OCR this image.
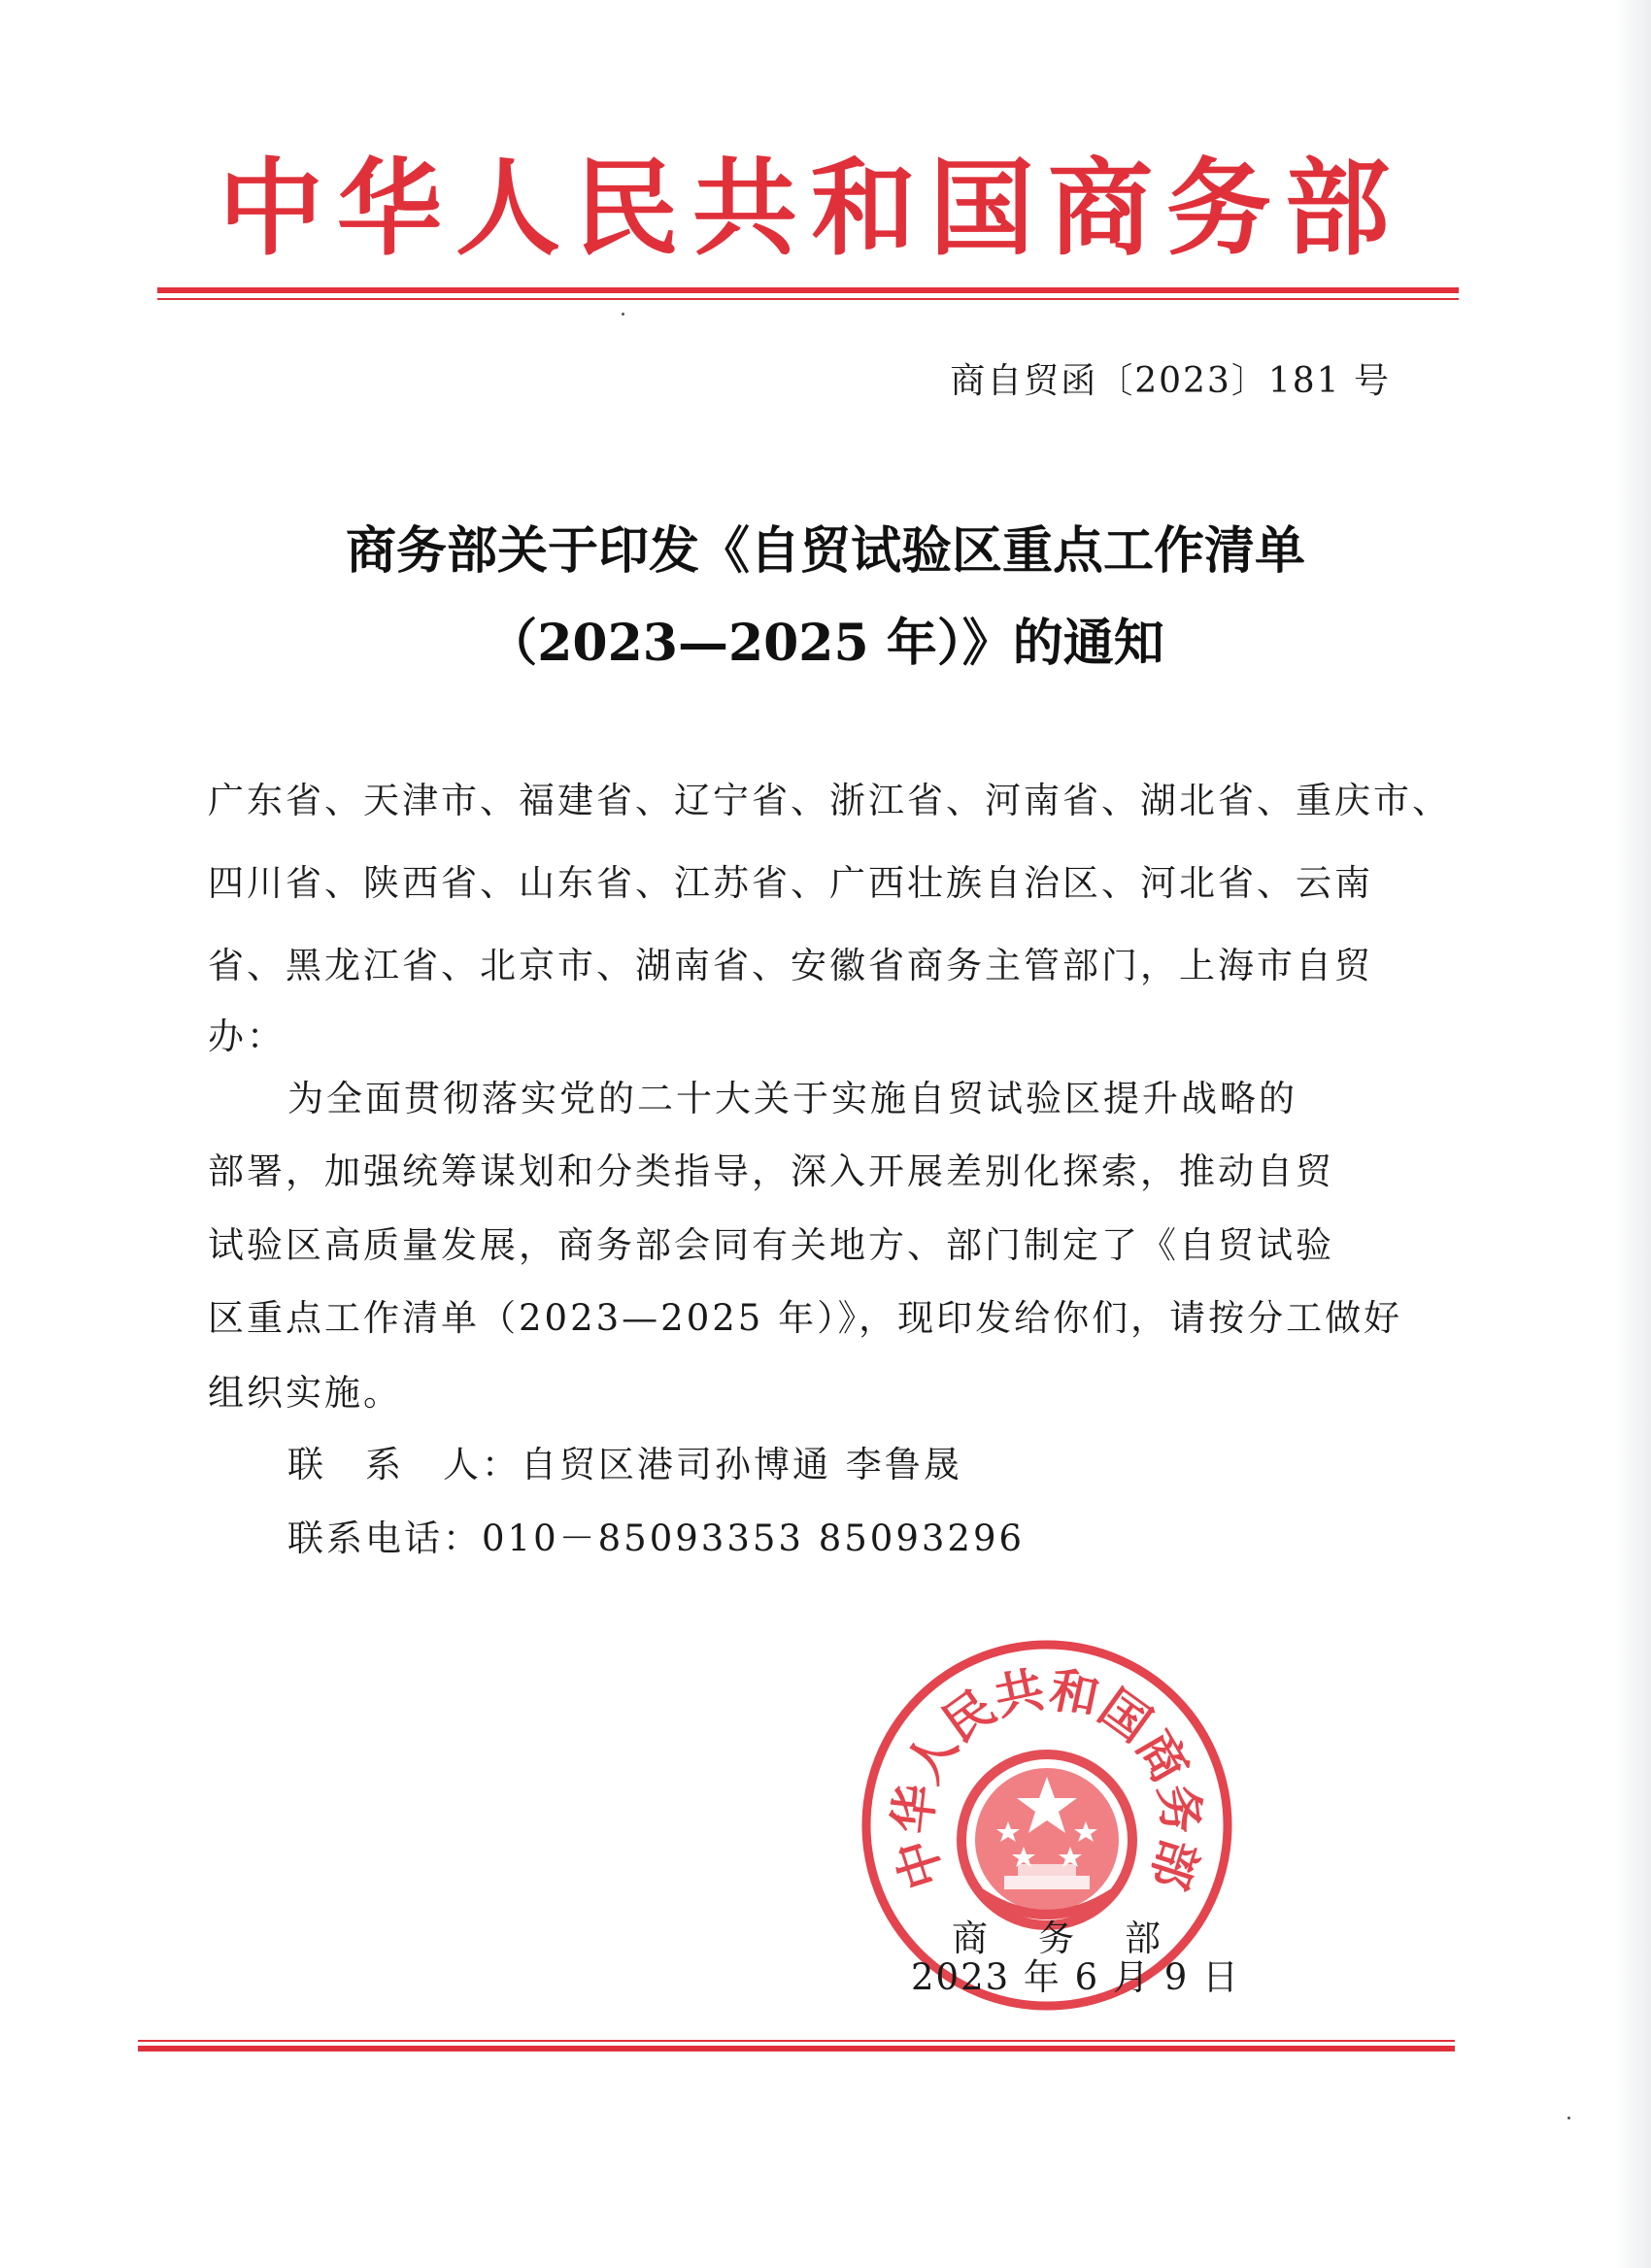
中华人民共和国商务部
商自贸函〔2023〕181 号
商务部关于印发《自贸试验区重点工作清单
（2023—2025 年）》的通知
广东省、天津市、福建省、辽宁省、浙江省、河南省、湖北省、重庆市、
四川省、陕西省、山东省、江苏省、广西壮族自治区、河北省、云南
省、黑龙江省、北京市、湖南省、安徽省商务主管部门，上海市自贸
办：
为全面贯彻落实党的二十大关于实施自贸试验区提升战略的
部署，加强统筹谋划和分类指导，深入开展差别化探索，推动自贸
试验区高质量发展，商务部会同有关地方、部门制定了《自贸试验
区重点工作清单（2023—2025 年）》，现印发给你们，请按分工做好
组织实施。
联　系　人：自贸区港司孙博通 李鲁晟
联系电话：010－85093353 85093296
中华人民共和国商务部
商务部
2023 年 6 月 9 日
